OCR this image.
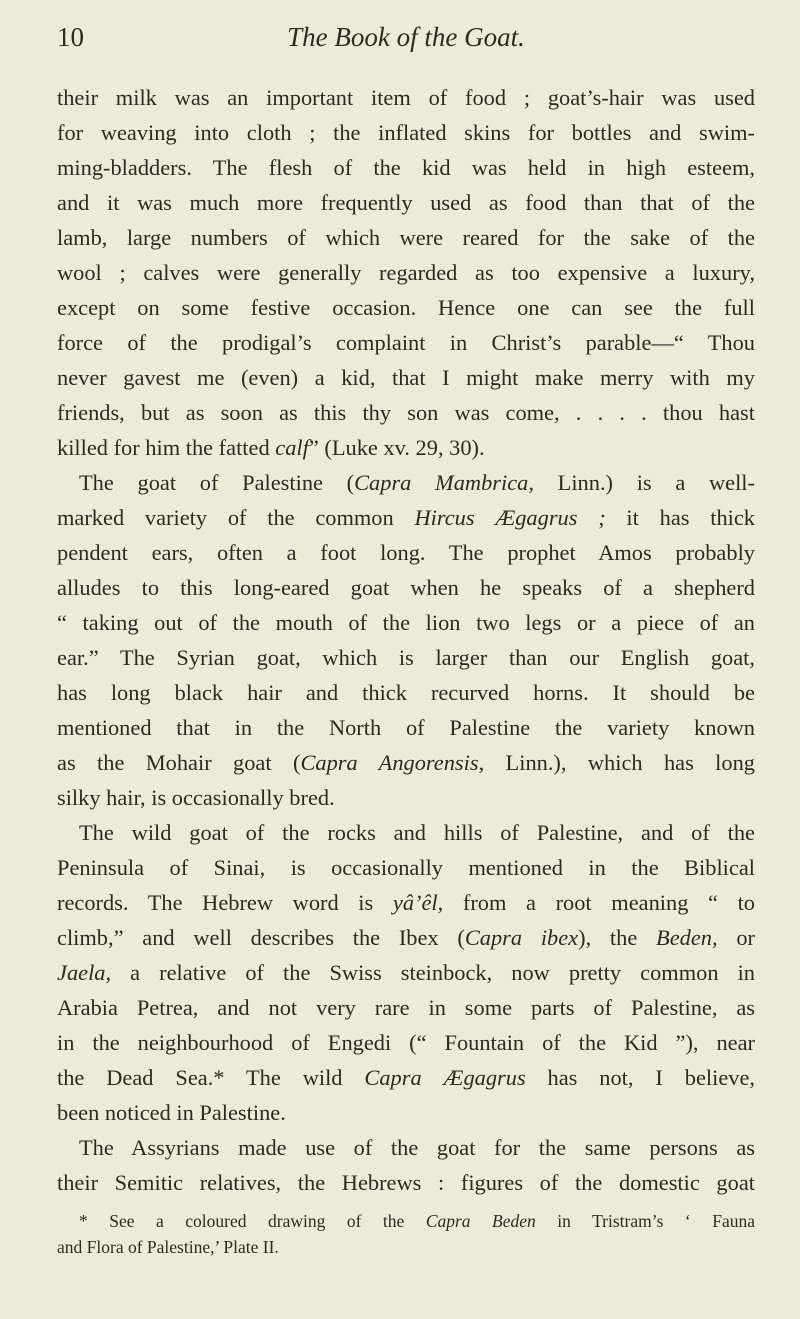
10	The Book of the Goat.
their milk was an important item of food ; goat’s-hair was used
for weaving into cloth ; the inflated skins for bottles and swim-
ming-bladders. The flesh of the kid was held in high esteem,
and it was much more frequently used as food than that of the
lamb, large numbers of which were reared for the sake of the
wool ; calves were generally regarded as too expensive a luxury,
except on some festive occasion. Hence one can see the full
force of the prodigal’s complaint in Christ’s parable—“ Thou
never gavest me (even) a kid, that I might make merry with my
friends, but as soon as this thy son was come, . . . . thou hast
killed for him the fatted calf” (Luke xv. 29, 30).
The goat of Palestine (Capra Mambrica, Linn.) is a well-
marked variety of the common Hircus Ægagrus ; it has thick
pendent ears, often a foot long. The prophet Amos probably
alludes to this long-eared goat when he speaks of a shepherd
“ taking out of the mouth of the lion two legs or a piece of an
ear.” The Syrian goat, which is larger than our English goat,
has long black hair and thick recurved horns. It should be
mentioned that in the North of Palestine the variety known
as the Mohair goat (Capra Angorensis, Linn.), which has long
silky hair, is occasionally bred.
The wild goat of the rocks and hills of Palestine, and of the
Peninsula of Sinai, is occasionally mentioned in the Biblical
records. The Hebrew word is yâ’êl, from a root meaning “ to
climb,” and well describes the Ibex (Capra ibex), the Beden, or
Jaela, a relative of the Swiss steinbock, now pretty common in
Arabia Petrea, and not very rare in some parts of Palestine, as
in the neighbourhood of Engedi (“ Fountain of the Kid ”), near
the Dead Sea.* The wild Capra Ægagrus has not, I believe,
been noticed in Palestine.
The Assyrians made use of the goat for the same persons as
their Semitic relatives, the Hebrews : figures of the domestic goat
* See a coloured drawing of the Capra Beden in Tristram’s ‘ Fauna
and Flora of Palestine,’ Plate II.
